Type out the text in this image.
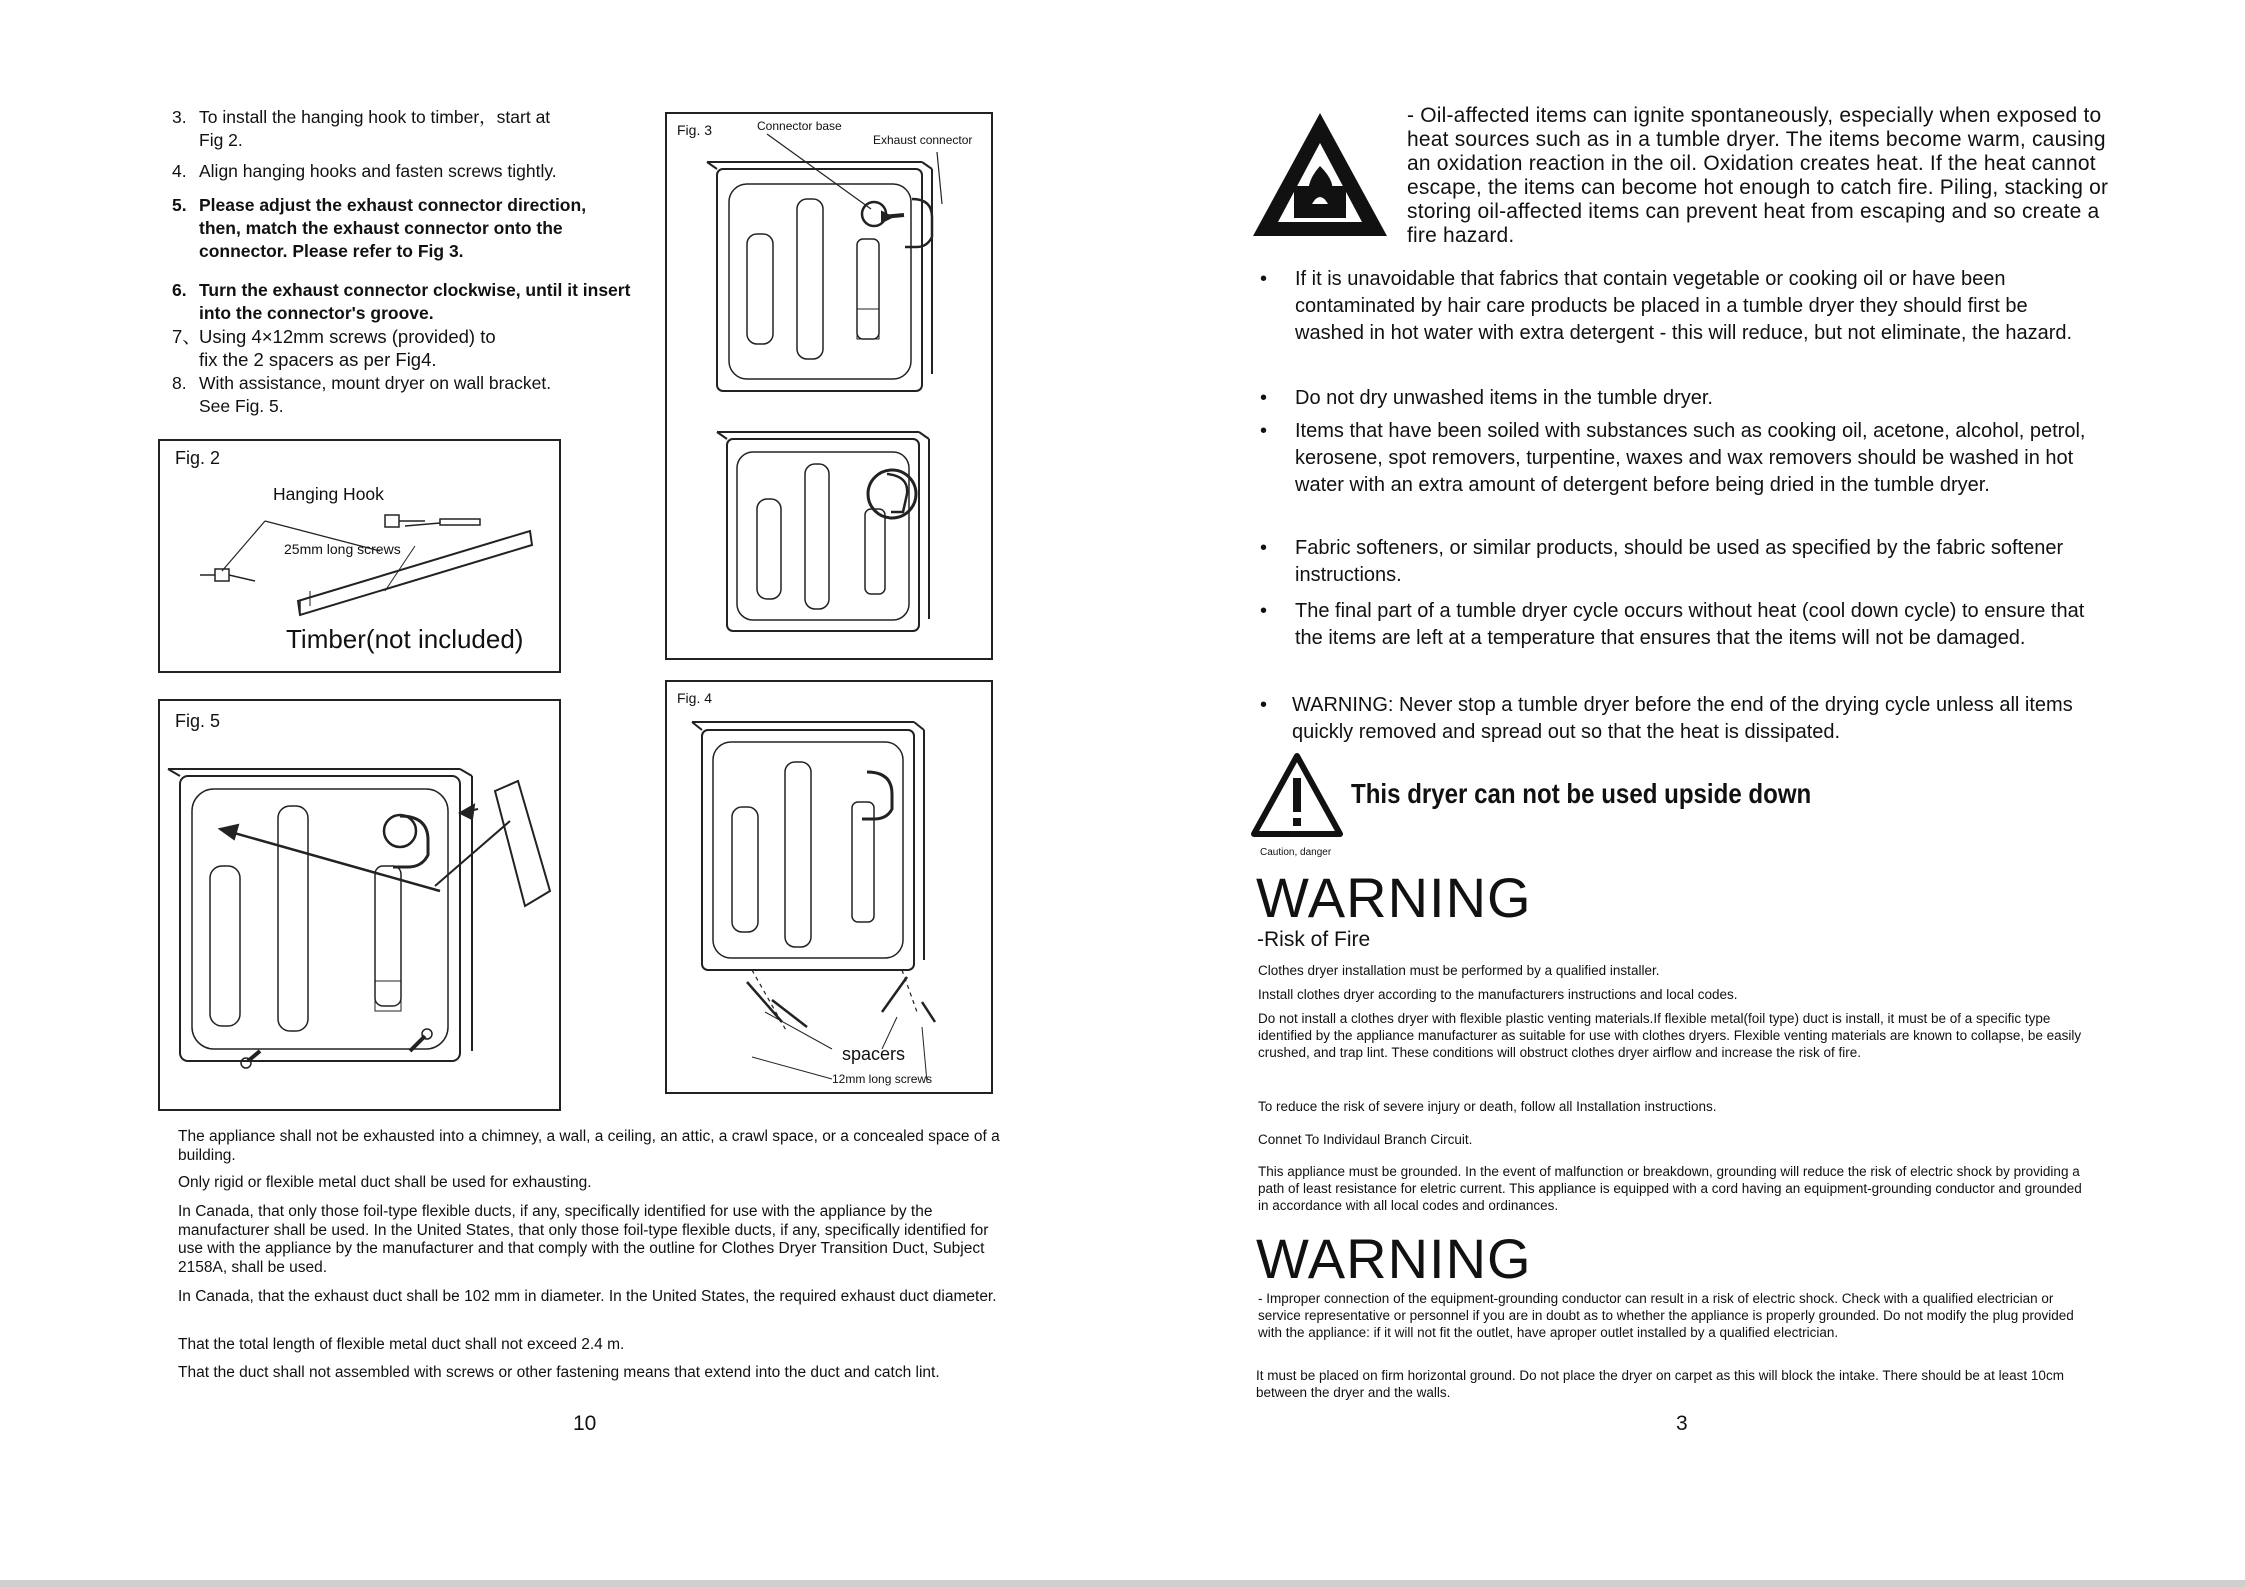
3. To install the hanging hook to timber，start at
Fig 2.
4. Align hanging hooks and fasten screws tightly.
5. Please adjust the exhaust connector direction,
then, match the exhaust connector onto the
connector. Please refer to Fig 3.
6. Turn the exhaust connector clockwise, until it insert
into the connector's groove.
7、
Using 4×12mm screws (provided) to
fix the 2 spacers as per Fig4.
8. With assistance, mount dryer on wall bracket.
See Fig. 5.
Fig. 2
Hanging Hook
25mm long screws
Timber(not included)
Fig. 3	Connector base
Exhaust connector
Fig. 4
spacers
12mm long screws
Fig. 5
The appliance shall not be exhausted into a chimney, a wall, a ceiling, an attic, a crawl space, or a concealed space of a building.
Only rigid or flexible metal duct shall be used for exhausting.
In Canada, that only those foil-type flexible ducts, if any, specifically identified for use with the appliance by the manufacturer shall be used. In the United States, that only those foil-type flexible ducts, if any, specifically identified for use with the appliance by the manufacturer and that comply with the outline for Clothes Dryer Transition Duct, Subject 2158A, shall be used.
In Canada, that the exhaust duct shall be 102 mm in diameter. In the United States, the required exhaust duct diameter.
That the total length of flexible metal duct shall not exceed 2.4 m.
That the duct shall not assembled with screws or other fastening means that extend into the duct and catch lint.
10
- Oil-affected items can ignite spontaneously, especially when exposed to heat sources such as in a tumble dryer. The items become warm, causing an oxidation reaction in the oil. Oxidation creates heat. If the heat cannot escape, the items can become hot enough to catch fire. Piling, stacking or storing oil-affected items can prevent heat from escaping and so create a fire hazard.
• If it is unavoidable that fabrics that contain vegetable or cooking oil or have been contaminated by hair care products be placed in a tumble dryer they should first be washed in hot water with extra detergent - this will reduce, but not eliminate, the hazard.
• Do not dry unwashed items in the tumble dryer.
• Items that have been soiled with substances such as cooking oil, acetone, alcohol, petrol, kerosene, spot removers, turpentine, waxes and wax removers should be washed in hot water with an extra amount of detergent before being dried in the tumble dryer.
• Fabric softeners, or similar products, should be used as specified by the fabric softener instructions.
• The final part of a tumble dryer cycle occurs without heat (cool down cycle) to ensure that the items are left at a temperature that ensures that the items will not be damaged.
• WARNING: Never stop a tumble dryer before the end of the drying cycle unless all items quickly removed and spread out so that the heat is dissipated.
This dryer can not be used upside down
Caution, danger
WARNING
-Risk of Fire
Clothes dryer installation must be performed by a qualified installer.
Install clothes dryer according to the manufacturers instructions and local codes.
Do not install a clothes dryer with flexible plastic venting materials.If flexible metal(foil type) duct is install, it must be of a specific type identified by the appliance manufacturer as suitable for use with clothes dryers. Flexible venting materials are known to collapse, be easily crushed, and trap lint. These conditions will obstruct clothes dryer airflow and increase the risk of fire.
To reduce the risk of severe injury or death, follow all Installation instructions.
Connet To Individaul Branch Circuit.
This appliance must be grounded. In the event of malfunction or breakdown, grounding will reduce the risk of electric shock by providing a path of least resistance for eletric current. This appliance is equipped with a cord having an equipment-grounding conductor and grounded in accordance with all local codes and ordinances.
WARNING
- Improper connection of the equipment-grounding conductor can result in a risk of electric shock. Check with a qualified electrician or service representative or personnel if you are in doubt as to whether the appliance is properly grounded. Do not modify the plug provided with the appliance: if it will not fit the outlet, have aproper outlet installed by a qualified electrician.
It must be placed on firm horizontal ground. Do not place the dryer on carpet as this will block the intake. There should be at least 10cm between the dryer and the walls.
3
